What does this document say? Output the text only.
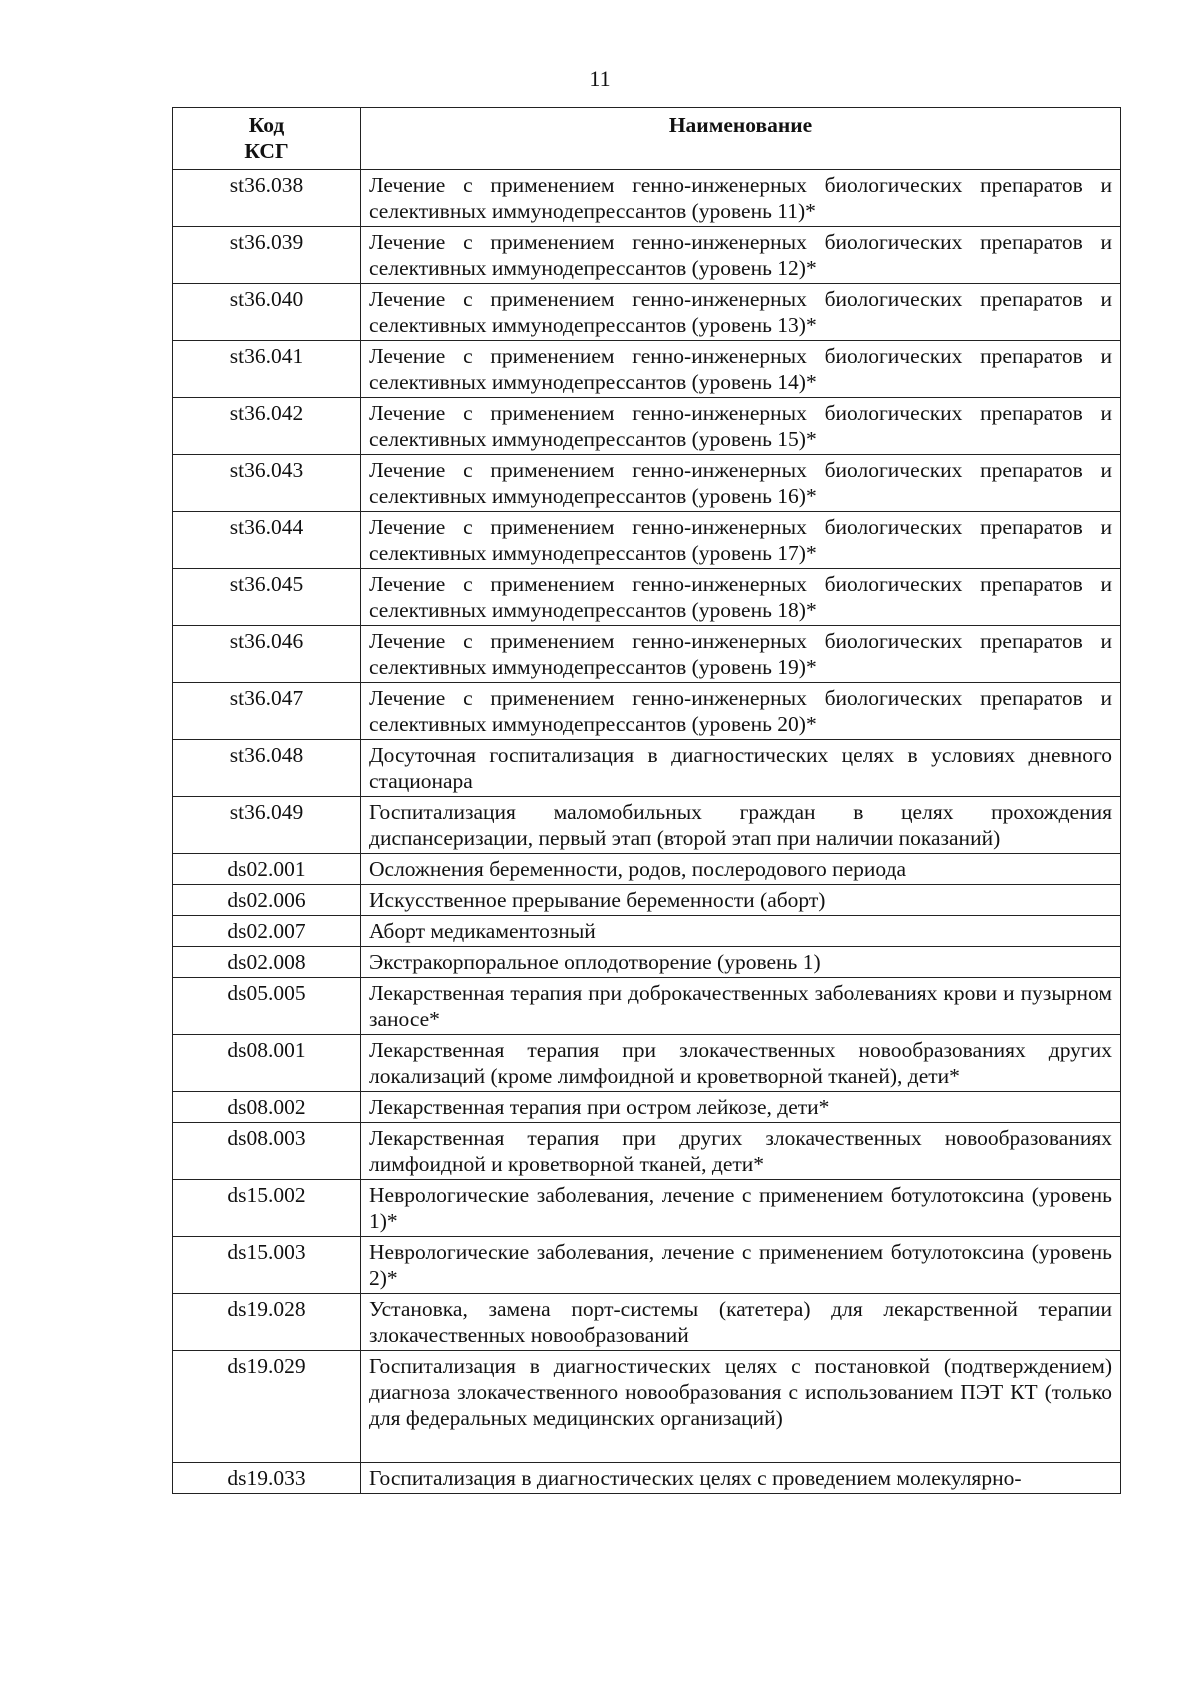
11
Код
КСГ	Наименование
st36.038	Лечение с применением генно-инженерных биологических препаратов и селективных иммунодепрессантов (уровень 11)*
st36.039	Лечение с применением генно-инженерных биологических препаратов и селективных иммунодепрессантов (уровень 12)*
st36.040	Лечение с применением генно-инженерных биологических препаратов и селективных иммунодепрессантов (уровень 13)*
st36.041	Лечение с применением генно-инженерных биологических препаратов и селективных иммунодепрессантов (уровень 14)*
st36.042	Лечение с применением генно-инженерных биологических препаратов и селективных иммунодепрессантов (уровень 15)*
st36.043	Лечение с применением генно-инженерных биологических препаратов и селективных иммунодепрессантов (уровень 16)*
st36.044	Лечение с применением генно-инженерных биологических препаратов и селективных иммунодепрессантов (уровень 17)*
st36.045	Лечение с применением генно-инженерных биологических препаратов и селективных иммунодепрессантов (уровень 18)*
st36.046	Лечение с применением генно-инженерных биологических препаратов и селективных иммунодепрессантов (уровень 19)*
st36.047	Лечение с применением генно-инженерных биологических препаратов и селективных иммунодепрессантов (уровень 20)*
st36.048	Досуточная госпитализация в диагностических целях в условиях дневного стационара
st36.049	Госпитализация маломобильных граждан в целях прохождения диспансеризации, первый этап (второй этап при наличии показаний)
ds02.001	Осложнения беременности, родов, послеродового периода
ds02.006	Искусственное прерывание беременности (аборт)
ds02.007	Аборт медикаментозный
ds02.008	Экстракорпоральное оплодотворение (уровень 1)
ds05.005	Лекарственная терапия при доброкачественных заболеваниях крови и пузырном заносе*
ds08.001	Лекарственная терапия при злокачественных новообразованиях других локализаций (кроме лимфоидной и кроветворной тканей), дети*
ds08.002	Лекарственная терапия при остром лейкозе, дети*
ds08.003	Лекарственная терапия при других злокачественных новообразованиях лимфоидной и кроветворной тканей, дети*
ds15.002	Неврологические заболевания, лечение с применением ботулотоксина (уровень 1)*
ds15.003	Неврологические заболевания, лечение с применением ботулотоксина (уровень 2)*
ds19.028	Установка, замена порт-системы (катетера) для лекарственной терапии злокачественных новообразований
ds19.029	Госпитализация в диагностических целях с постановкой (подтверждением) диагноза злокачественного новообразования с использованием ПЭТ КТ (только для федеральных медицинских организаций)
ds19.033	Госпитализация в диагностических целях с проведением молекулярно-
